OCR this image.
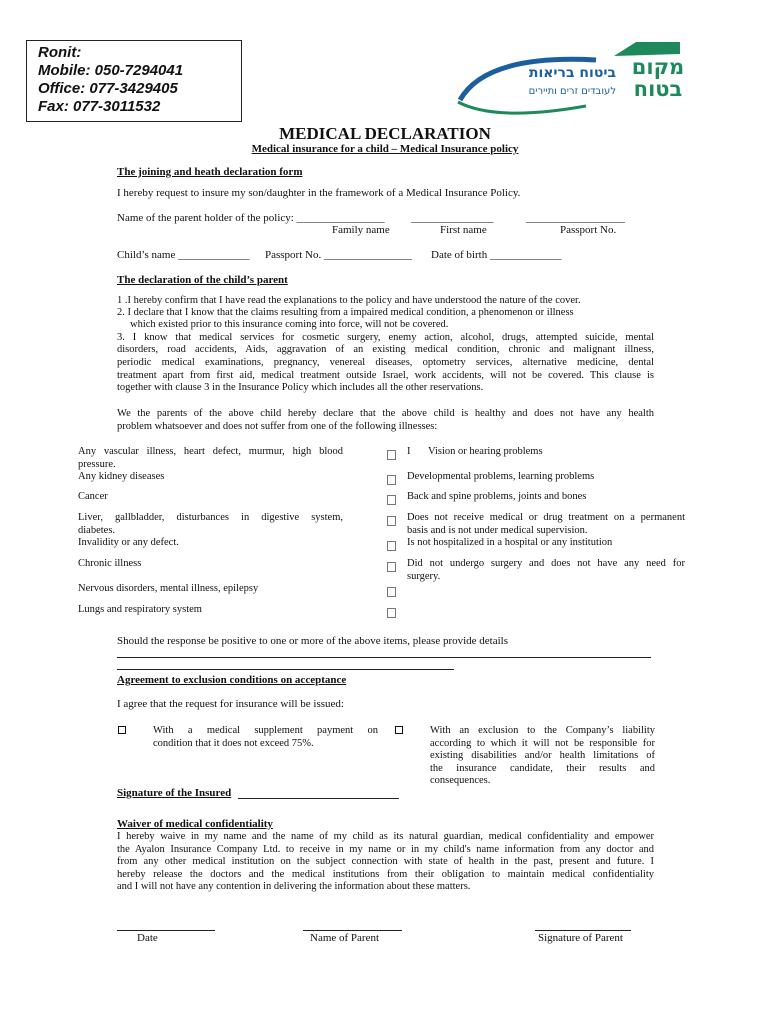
Ronit:
Mobile: 050-7294041
Office: 077-3429405
Fax: 077-3011532
מקום בטוח
ביטוח בריאות
לעובדים זרים ותיירים
MEDICAL DECLARATION
Medical insurance for a child – Medical Insurance policy
The joining and heath declaration form
I hereby request to insure my son/daughter in the framework of a Medical Insurance Policy.
Name of the parent holder of the policy: ________________ _______________	__________________
Family name	First name	Passport No.
Child’s name _____________ Passport No. ________________ Date of birth _____________
The declaration of the child’s parent
1 .I hereby confirm that I have read the explanations to the policy and have understood the nature of the cover.
2. I declare that I know that the claims resulting from a impaired medical condition, a phenomenon or illness
which existed prior to this insurance coming into force, will not be covered.
3. I know that medical services for cosmetic surgery, enemy action, alcohol, drugs, attempted suicide, mental
disorders, road accidents, Aids, aggravation of an existing medical condition, chronic and malignant illness,
periodic medical examinations, pregnancy, venereal diseases, optometry services, alternative medicine, dental
treatment apart from first aid, medical treatment outside Israel, work accidents, will not be covered. This clause is
together with clause 3 in the Insurance Policy which includes all the other reservations.
We the parents of the above child hereby declare that the above child is healthy and does not have any health
problem whatsoever and does not suffer from one of the following illnesses:
Any vascular illness, heart defect, murmur, high blood
pressure.
Any kidney diseases
Cancer
Liver, gallbladder, disturbances in digestive system,
diabetes.
Invalidity or any defect.
Chronic illness
Nervous disorders, mental illness, epilepsy
Lungs and respiratory system
I Vision or hearing problems
Developmental problems, learning problems
Back and spine problems, joints and bones
Does not receive medical or drug treatment on a permanent
basis and is not under medical supervision.
Is not hospitalized in a hospital or any institution
Did not undergo surgery and does not have any need for
surgery.
Should the response be positive to one or more of the above items, please provide details
Agreement to exclusion conditions on acceptance
I agree that the request for insurance will be issued:
With a medical supplement payment on
condition that it does not exceed 75%.
With an exclusion to the Company’s liability
according to which it will not be responsible for
existing disabilities and/or health limitations of
the insurance candidate, their results and
consequences.
Signature of the Insured
Waiver of medical confidentiality
I hereby waive in my name and the name of my child as its natural guardian, medical confidentiality and empower
the Ayalon Insurance Company Ltd. to receive in my name or in my child's name information from any doctor and
from any other medical institution on the subject connection with state of health in the past, present and future. I
hereby release the doctors and the medical institutions from their obligation to maintain medical confidentiality
and I will not have any contention in delivering the information about these matters.
Date	Name of Parent	Signature of Parent
